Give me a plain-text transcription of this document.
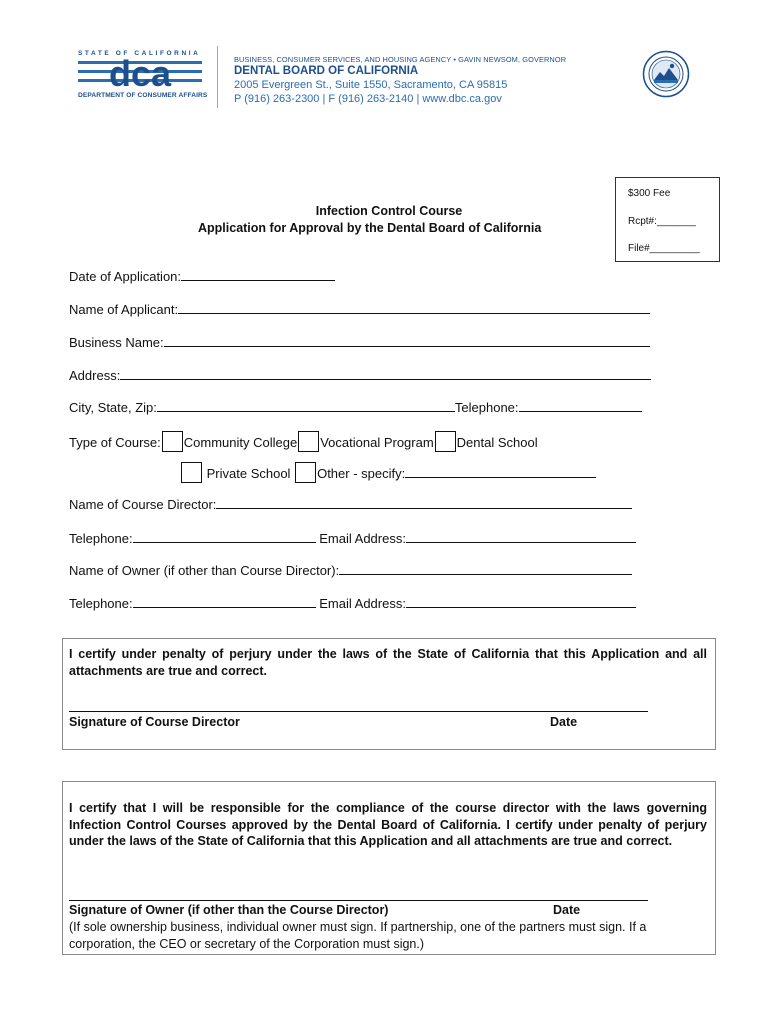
STATE OF CALIFORNIA
dca
DEPARTMENT OF CONSUMER AFFAIRS
BUSINESS, CONSUMER SERVICES, AND HOUSING AGENCY • GAVIN NEWSOM, GOVERNOR
DENTAL BOARD OF CALIFORNIA
2005 Evergreen St., Suite 1550, Sacramento, CA 95815
P (916) 263-2300 | F (916) 263-2140 | www.dbc.ca.gov
$300 Fee
Rcpt#:_______
File#_________
Infection Control Course
Application for Approval by the Dental Board of California
Date of Application:
Name of Applicant:
Business Name:
Address:
City, State, Zip:	Telephone:
Type of Course: Community College Vocational Program Dental School
Private School Other - specify:
Name of Course Director:
Telephone:	Email Address:
Name of Owner (if other than Course Director):
Telephone:	Email Address:
I certify under penalty of perjury under the laws of the State of California that this Application and all attachments are true and correct.
Signature of Course Director	Date
I certify that I will be responsible for the compliance of the course director with the laws governing Infection Control Courses approved by the Dental Board of California. I certify under penalty of perjury under the laws of the State of California that this Application and all attachments are true and correct.
Signature of Owner (if other than the Course Director)	Date
(If sole ownership business, individual owner must sign. If partnership, one of the partners must sign. If a corporation, the CEO or secretary of the Corporation must sign.)
